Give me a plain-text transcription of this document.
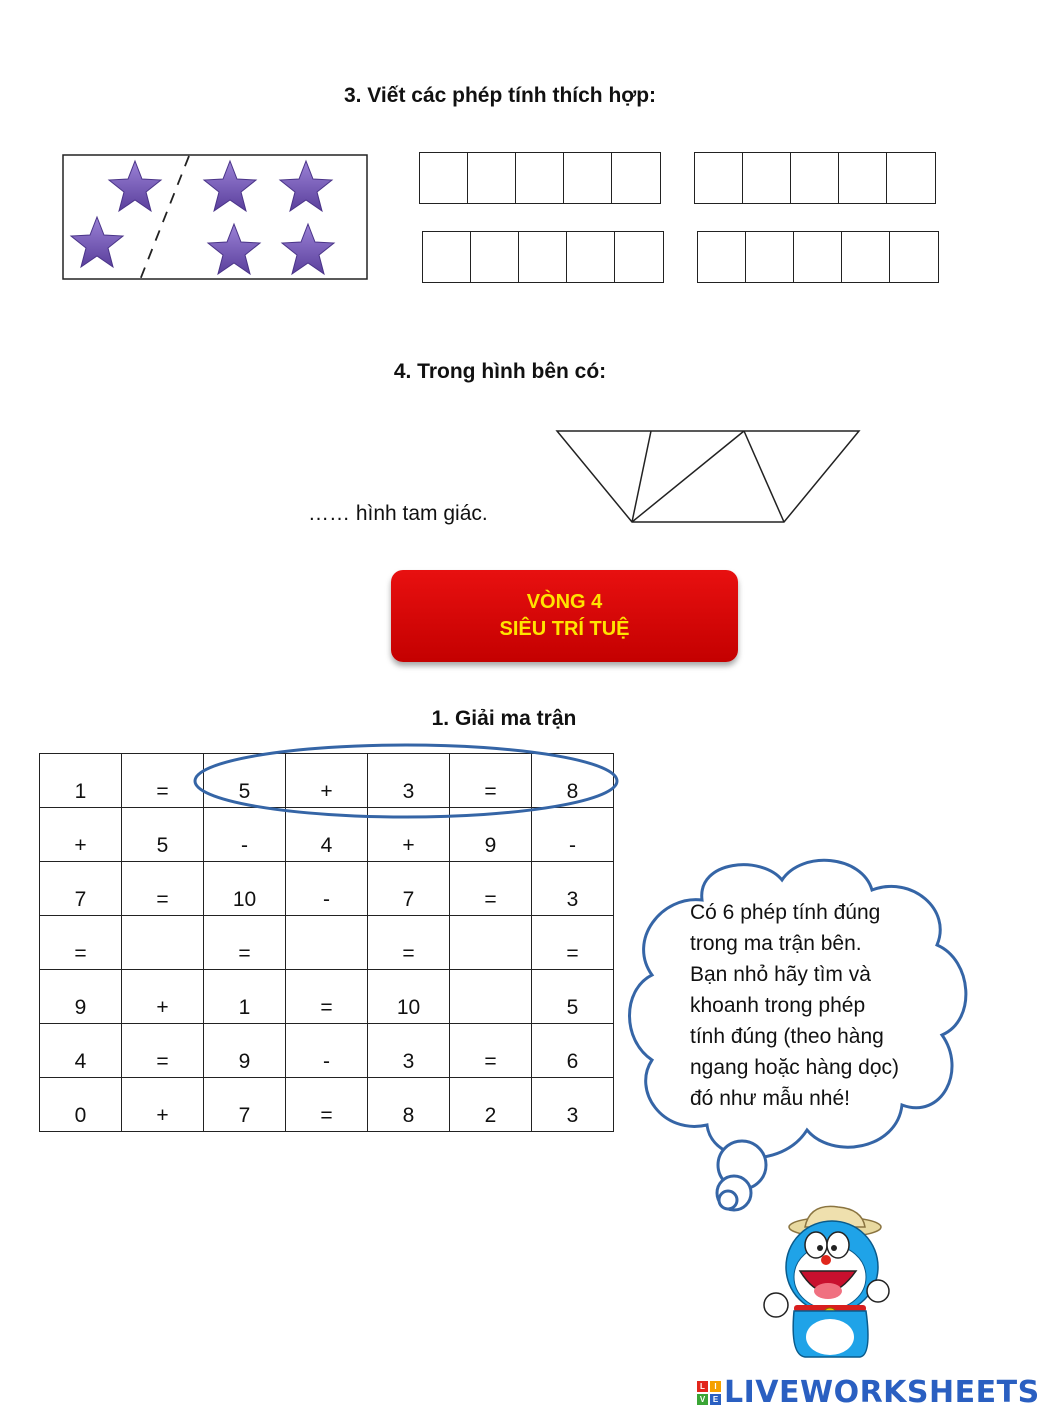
3. Viết các phép tính thích hợp:
4. Trong hình bên có:
…… hình tam giác.
VÒNG 4
SIÊU TRÍ TUỆ
1. Giải ma trận
1	=	5	+	3	=	8
+	5	-	4	+	9	-
7	=	10	-	7	=	3
=		=		=		=
9	+	1	=	10		5
4	=	9	-	3	=	6
0	+	7	=	8	2	3
Có 6 phép tính đúng
trong ma trận bên.
Bạn nhỏ hãy tìm và
khoanh trong phép
tính đúng (theo hàng
ngang hoặc hàng dọc)
đó như mẫu nhé!
L	I
V E LIVEWORKSHEETS
